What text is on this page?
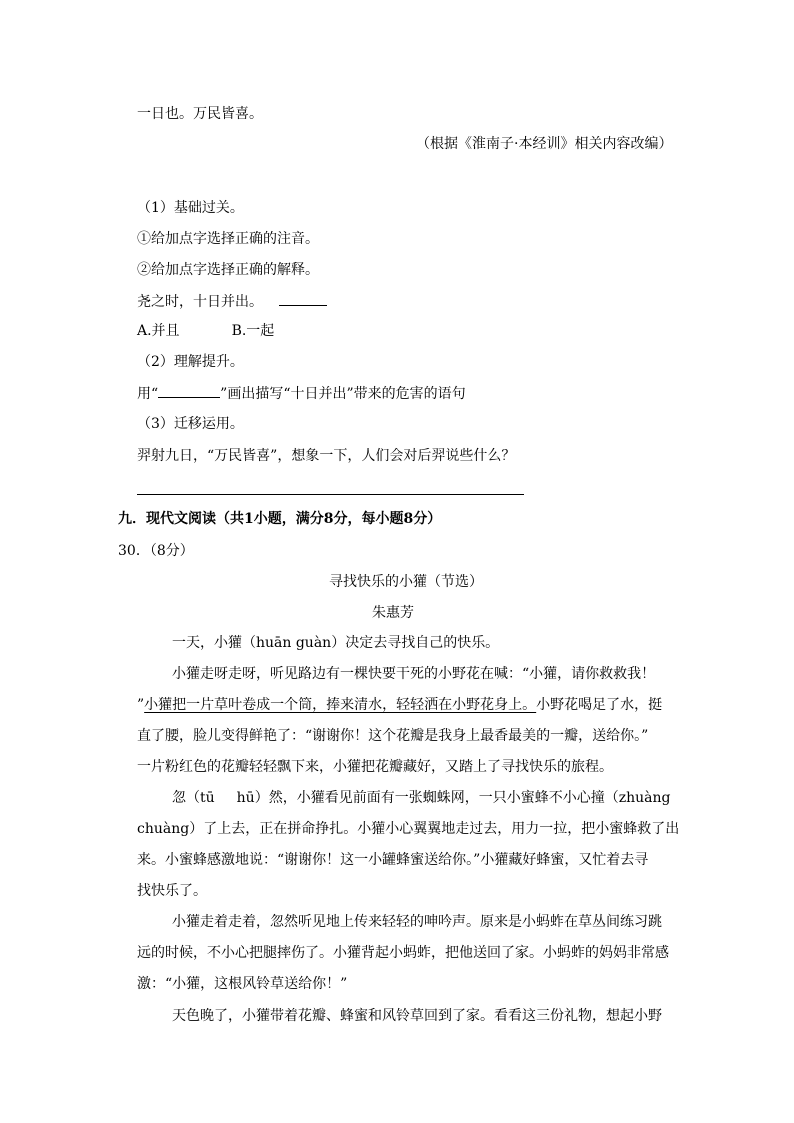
一日也。万民皆喜。
（根据《淮南子·本经训》相关内容改编）
（1）基础过关。
①给加点字选择正确的注音。
②给加点字选择正确的解释。
尧之时，十日并出。
A.并且	B.一起
（2）理解提升。
用“	”画出描写“十日并出”带来的危害的语句
（3）迁移运用。
羿射九日，“万民皆喜”，想象一下，人们会对后羿说些什么？
九．现代文阅读（共1小题，满分8分，每小题8分）
30．（8分）
寻找快乐的小獾（节选）
朱惠芳
一天，小獾（huān guàn）决定去寻找自己的快乐。
小獾走呀走呀，听见路边有一棵快要干死的小野花在喊：“小獾，请你救救我！
”小獾把一片草叶卷成一个筒，捧来清水，轻轻洒在小野花身上。小野花喝足了水，挺
直了腰，脸儿变得鲜艳了：“谢谢你！这个花瓣是我身上最香最美的一瓣，送给你。”
一片粉红色的花瓣轻轻飘下来，小獾把花瓣藏好，又踏上了寻找快乐的旅程。
忽（tū hū）然，小獾看见前面有一张蜘蛛网，一只小蜜蜂不小心撞（zhuàng
chuàng）了上去，正在拼命挣扎。小獾小心翼翼地走过去，用力一拉，把小蜜蜂救了出
来。小蜜蜂感激地说：“谢谢你！这一小罐蜂蜜送给你。”小獾藏好蜂蜜，又忙着去寻
找快乐了。
小獾走着走着，忽然听见地上传来轻轻的呻吟声。原来是小蚂蚱在草丛间练习跳
远的时候，不小心把腿摔伤了。小獾背起小蚂蚱，把他送回了家。小蚂蚱的妈妈非常感
激：“小獾，这根风铃草送给你！”
天色晚了，小獾带着花瓣、蜂蜜和风铃草回到了家。看看这三份礼物，想起小野
